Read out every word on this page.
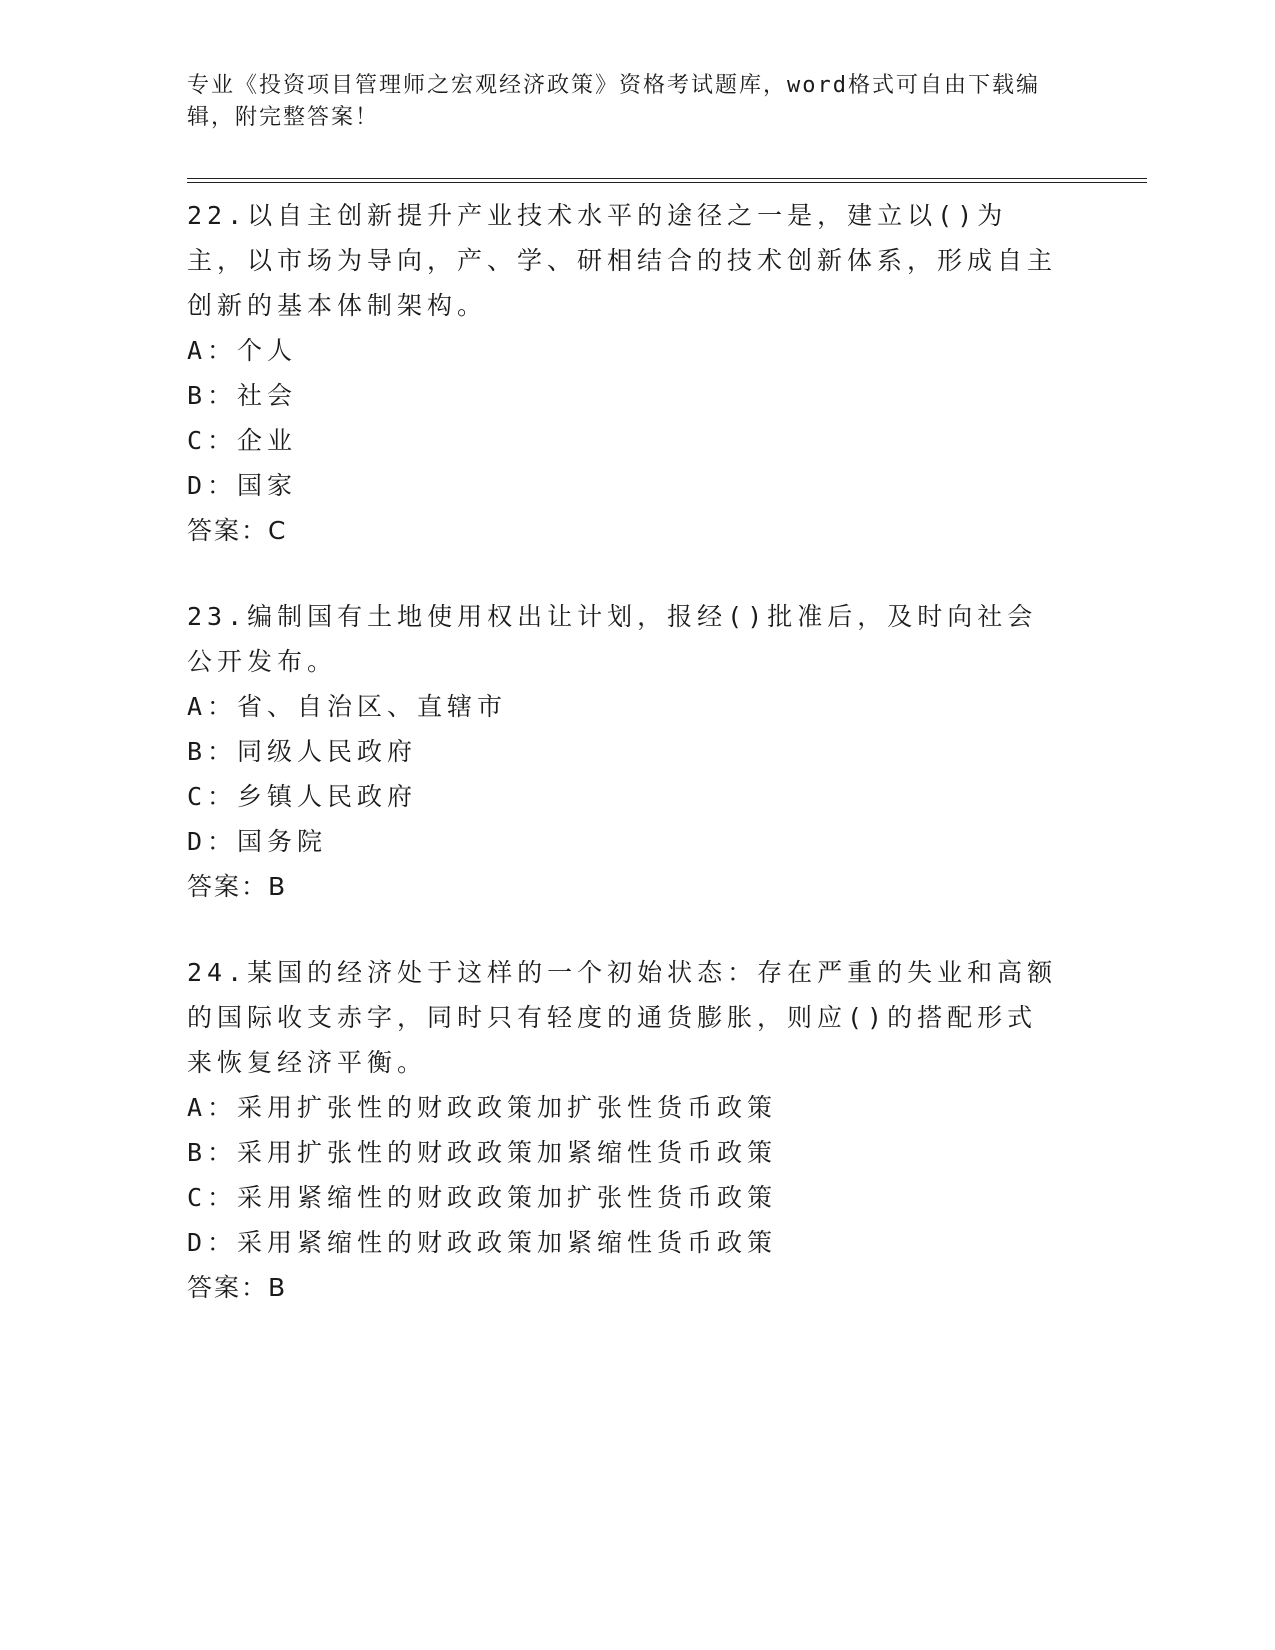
专业《投资项目管理师之宏观经济政策》资格考试题库，word格式可自由下载编辑，附完整答案！
22.以自主创新提升产业技术水平的途径之一是，建立以()为主，以市场为导向，产、学、研相结合的技术创新体系，形成自主创新的基本体制架构。
A：个人
B：社会
C：企业
D：国家
答案：C
23.编制国有土地使用权出让计划，报经()批准后，及时向社会公开发布。
A：省、自治区、直辖市
B：同级人民政府
C：乡镇人民政府
D：国务院
答案：B
24.某国的经济处于这样的一个初始状态：存在严重的失业和高额的国际收支赤字，同时只有轻度的通货膨胀，则应()的搭配形式来恢复经济平衡。
A：采用扩张性的财政政策加扩张性货币政策
B：采用扩张性的财政政策加紧缩性货币政策
C：采用紧缩性的财政政策加扩张性货币政策
D：采用紧缩性的财政政策加紧缩性货币政策
答案：B
